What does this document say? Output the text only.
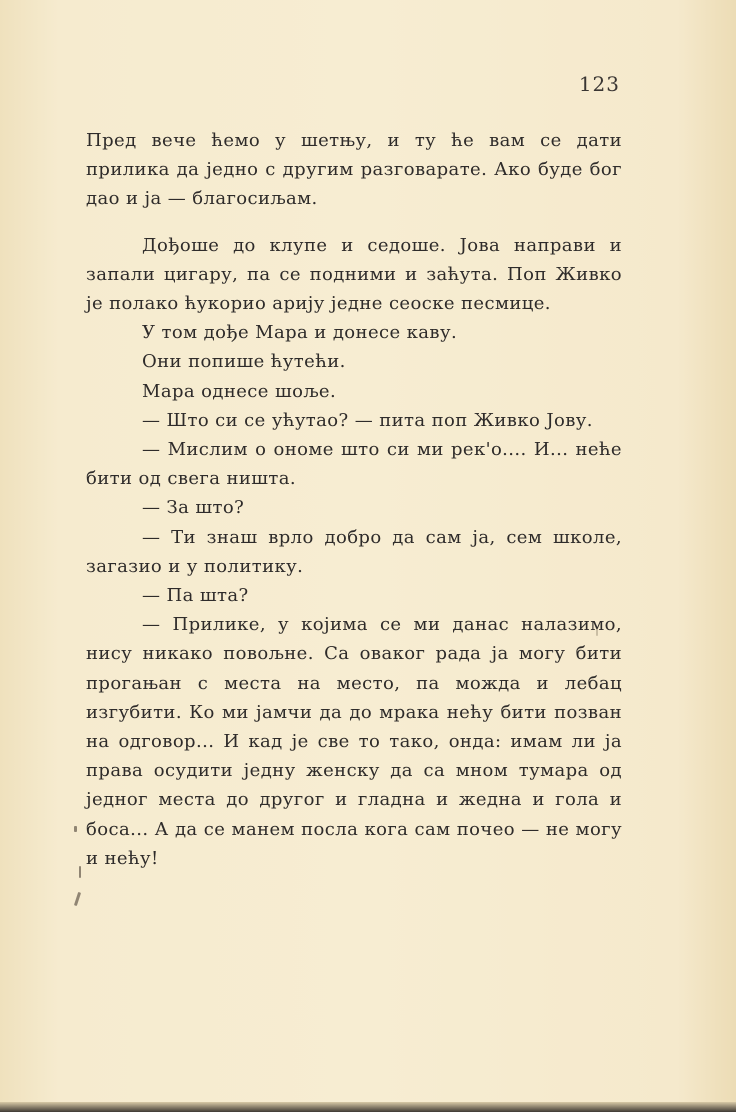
123

Пред вече ћемо у шетњу, и ту ће вам се дати прилика да једно с другим разговарате. Ако буде бог дао и ја — благосиљам.

Дођоше до клупе и седоше. Јова направи и запали цигару, па се подними и заћута. Поп Живко је полако ћукорио арију једне сеоске песмице.

У том дође Мара и донесе каву.

Они попише ћутећи.

Мара однесе шоље.

— Што си се ућутао? — пита поп Живко Јову.

— Мислим о ономе што си ми рек'о.... И... неће бити од свега ништа.

— За што?

— Ти знаш врло добро да сам ја, сем школе, загазио и у политику.

— Па шта?

— Прилике, у којима се ми данас налазимо, нису никако повољне. Са оваког рада ја могу бити прогањан с места на место, па можда и лебац изгубити. Ко ми јамчи да до мрака нећу бити позван на одговор... И кад је све то тако, онда: имам ли ја права осудити једну женску да са мном тумара од једног места до другог и гладна и жедна и гола и боса... А да се манем посла кога сам почео — не могу и нећу!
